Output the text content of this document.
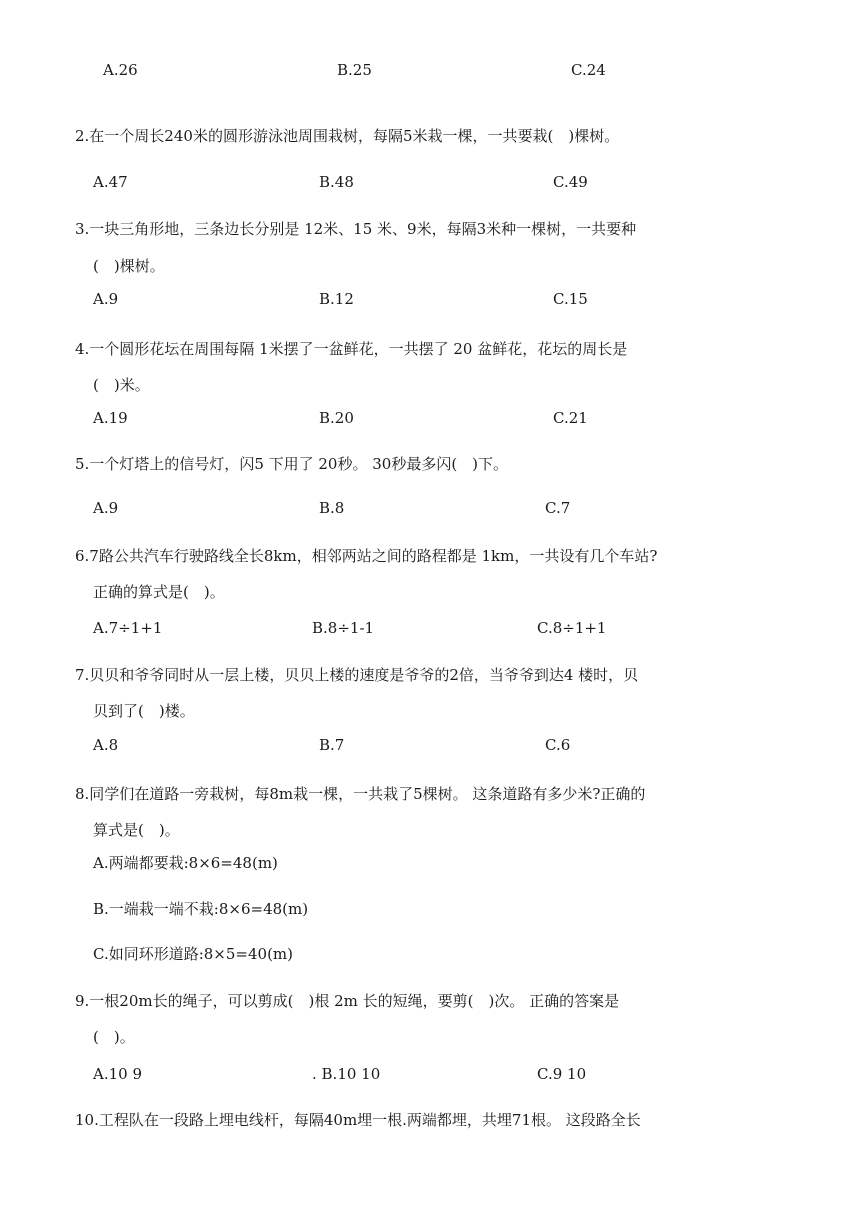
A.26	B.25	C.24
2.在一个周长240米的圆形游泳池周围栽树，每隔5米栽一棵，一共要栽(　)棵树。
A.47	B.48	C.49
3.一块三角形地，三条边长分别是 12米、15 米、9米，每隔3米种一棵树，一共要种
(　)棵树。
A.9	B.12	C.15
4.一个圆形花坛在周围每隔 1米摆了一盆鲜花，一共摆了 20 盆鲜花，花坛的周长是
(　)米。
A.19	B.20	C.21
5.一个灯塔上的信号灯，闪5 下用了 20秒。 30秒最多闪(　)下。
A.9	B.8	C.7
6.7路公共汽车行驶路线全长8km，相邻两站之间的路程都是 1km，一共设有几个车站?
正确的算式是(　)。
A.7÷1+1	B.8÷1-1	C.8÷1+1
7.贝贝和爷爷同时从一层上楼，贝贝上楼的速度是爷爷的2倍，当爷爷到达4 楼时，贝
贝到了(　)楼。
A.8	B.7	C.6
8.同学们在道路一旁栽树，每8m栽一棵，一共栽了5棵树。 这条道路有多少米?正确的
算式是(　)。
A.两端都要栽:8×6=48(m)
B.一端栽一端不栽:8×6=48(m)
C.如同环形道路:8×5=40(m)
9.一根20m长的绳子，可以剪成(　)根 2m 长的短绳，要剪(　)次。 正确的答案是
(　)。
A.10 9	. B.10 10	C.9 10
10.工程队在一段路上埋电线杆，每隔40m埋一根.两端都埋，共埋71根。 这段路全长
